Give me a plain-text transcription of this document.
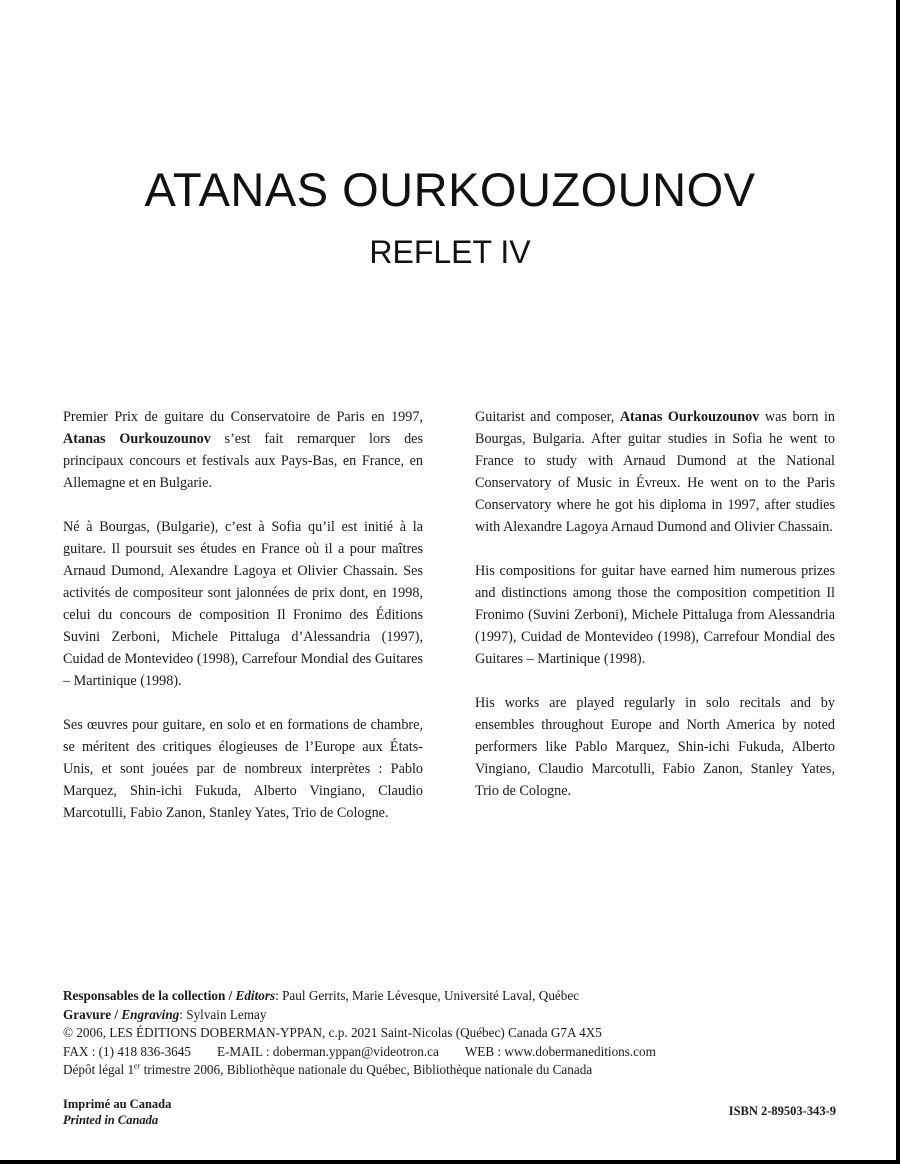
ATANAS OURKOUZOUNOV
REFLET IV

Premier Prix de guitare du Conservatoire de Paris en 1997, Atanas Ourkouzounov s’est fait remarquer lors des principaux concours et festivals aux Pays-Bas, en France, en Allemagne et en Bulgarie.

Né à Bourgas, (Bulgarie), c’est à Sofia qu’il est initié à la guitare. Il poursuit ses études en France où il a pour maîtres Arnaud Dumond, Alexandre Lagoya et Olivier Chassain. Ses activités de compositeur sont jalonnées de prix dont, en 1998, celui du concours de composition Il Fronimo des Éditions Suvini Zerboni, Michele Pittaluga d’Alessandria (1997), Cuidad de Montevideo (1998), Carrefour Mondial des Guitares – Martinique (1998).

Ses œuvres pour guitare, en solo et en formations de chambre, se méritent des critiques élogieuses de l’Europe aux États-Unis, et sont jouées par de nombreux interprètes : Pablo Marquez, Shin-ichi Fukuda, Alberto Vingiano, Claudio Marcotulli, Fabio Zanon, Stanley Yates, Trio de Cologne.

Guitarist and composer, Atanas Ourkouzounov was born in Bourgas, Bulgaria. After guitar studies in Sofia he went to France to study with Arnaud Dumond at the National Conservatory of Music in Évreux. He went on to the Paris Conservatory where he got his diploma in 1997, after studies with Alexandre Lagoya Arnaud Dumond and Olivier Chassain.

His compositions for guitar have earned him numerous prizes and distinctions among those the composition competition Il Fronimo (Suvini Zerboni), Michele Pittaluga from Alessandria (1997), Cuidad de Montevideo (1998), Carrefour Mondial des Guitares – Martinique (1998).

His works are played regularly in solo recitals and by ensembles throughout Europe and North America by noted performers like Pablo Marquez, Shin-ichi Fukuda, Alberto Vingiano, Claudio Marcotulli, Fabio Zanon, Stanley Yates, Trio de Cologne.

Responsables de la collection / Editors: Paul Gerrits, Marie Lévesque, Université Laval, Québec
Gravure / Engraving: Sylvain Lemay
© 2006, LES ÉDITIONS DOBERMAN-YPPAN, c.p. 2021 Saint-Nicolas (Québec) Canada G7A 4X5
FAX : (1) 418 836-3645 E-MAIL : doberman.yppan@videotron.ca WEB : www.dobermaneditions.com
Dépôt légal 1er trimestre 2006, Bibliothèque nationale du Québec, Bibliothèque nationale du Canada
Imprimé au Canada
Printed in Canada
ISBN 2-89503-343-9
